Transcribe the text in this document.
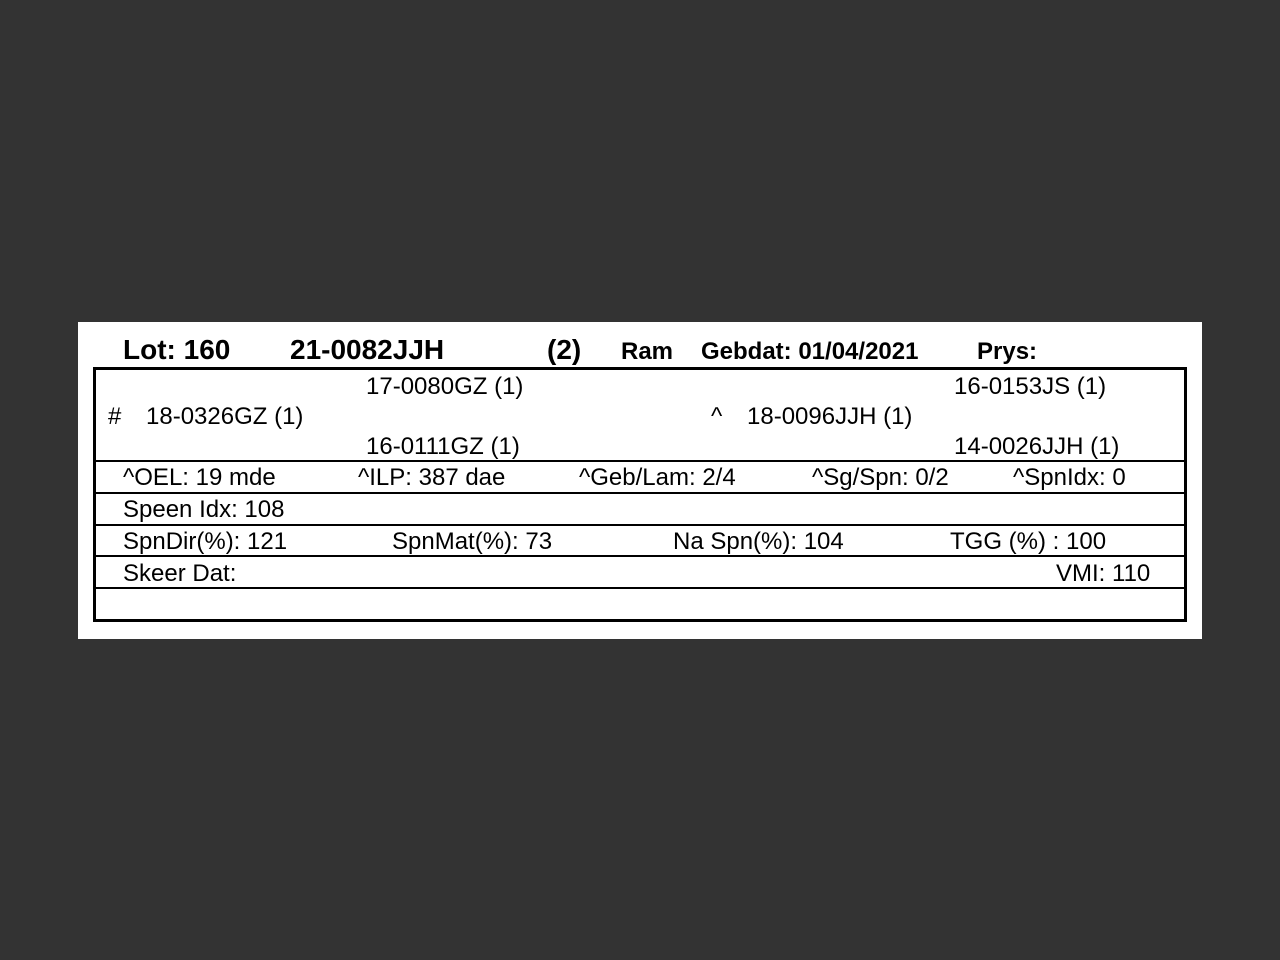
Lot: 160 21-0082JJH	(2) Ram Gebdat: 01/04/2021 Prys:
17-0080GZ (1)	16-0153JS (1)
# 18-0326GZ (1)	^ 18-0096JJH (1)
16-0111GZ (1)	14-0026JJH (1)
^OEL: 19 mde	^ILP: 387 dae	^Geb/Lam: 2/4	^Sg/Spn: 0/2	^SpnIdx: 0
Speen Idx: 108
SpnDir(%): 121	SpnMat(%): 73	Na Spn(%): 104	TGG (%) : 100
Skeer Dat:	VMI: 110
